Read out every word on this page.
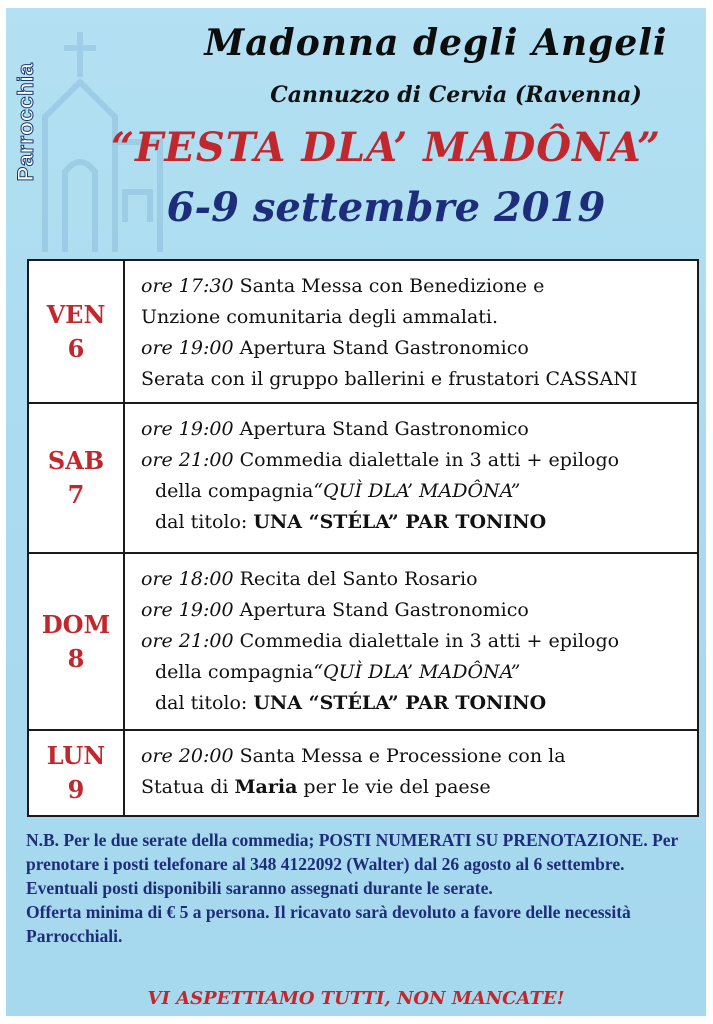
Parrocchia
Madonna degli Angeli
Cannuzzo di Cervia (Ravenna)
“FESTA DLA’ MADÔNA”
6-9 settembre 2019
VEN
6
ore 17:30 Santa Messa con Benedizione e
Unzione comunitaria degli ammalati.
ore 19:00 Apertura Stand Gastronomico
Serata con il gruppo ballerini e frustatori CASSANI
SAB
7
ore 19:00 Apertura Stand Gastronomico
ore 21:00 Commedia dialettale in 3 atti + epilogo
della compagnia“QUÌ DLA’ MADÔNA”
dal titolo: UNA “STÉLA” PAR TONINO
DOM
8
ore 18:00 Recita del Santo Rosario
ore 19:00 Apertura Stand Gastronomico
ore 21:00 Commedia dialettale in 3 atti + epilogo
della compagnia“QUÌ DLA’ MADÔNA”
dal titolo: UNA “STÉLA” PAR TONINO
LUN
9
ore 20:00 Santa Messa e Processione con la
Statua di Maria per le vie del paese
N.B. Per le due serate della commedia; POSTI NUMERATI SU PRENOTAZIONE. Per prenotare i posti telefonare al 348 4122092 (Walter) dal 26 agosto al 6 settembre.
Eventuali posti disponibili saranno assegnati durante le serate.
Offerta minima di € 5 a persona. Il ricavato sarà devoluto a favore delle necessità Parrocchiali.
VI ASPETTIAMO TUTTI, NON MANCATE!
